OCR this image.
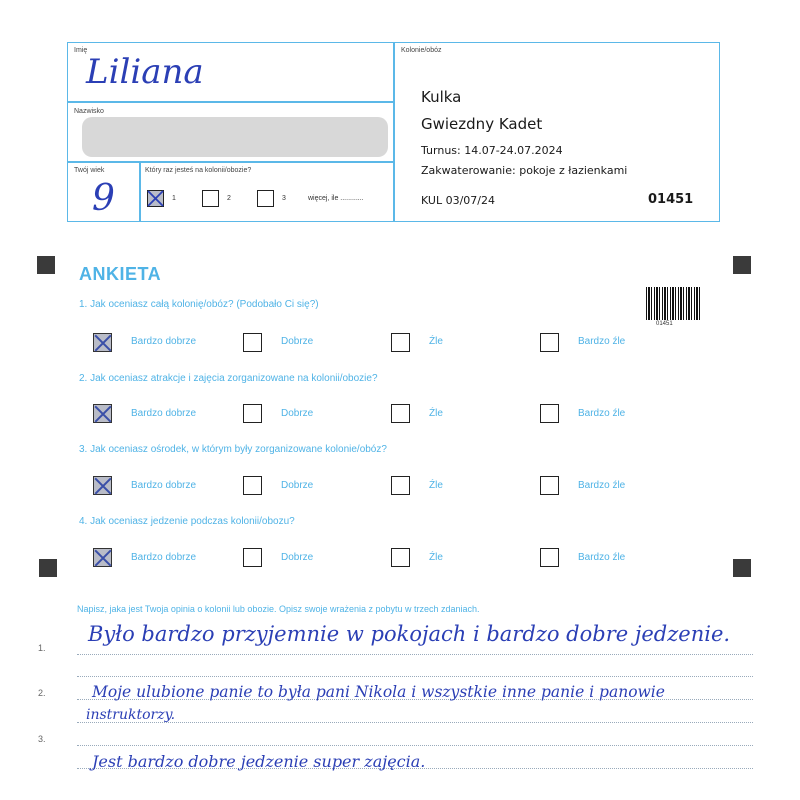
Imię
Liliana
Nazwisko
Twój wiek
9
Który raz jesteś na kolonii/obozie?
1	2	3	więcej, ile ............
Kolonie/obóz
Kulka
Gwiezdny Kadet
Turnus: 14.07-24.07.2024
Zakwaterowanie: pokoje z łazienkami
KUL 03/07/24	01451
ANKIETA
01451
1. Jak oceniasz całą kolonię/obóz? (Podobało Ci się?)
Bardzo dobrze	Dobrze	Źle	Bardzo źle
2. Jak oceniasz atrakcje i zajęcia zorganizowane na kolonii/obozie?
Bardzo dobrze	Dobrze	Źle	Bardzo źle
3. Jak oceniasz ośrodek, w którym były zorganizowane kolonie/obóz?
Bardzo dobrze	Dobrze	Źle	Bardzo źle
4. Jak oceniasz jedzenie podczas kolonii/obozu?
Bardzo dobrze	Dobrze	Źle	Bardzo źle
Napisz, jaka jest Twoja opinia o kolonii lub obozie. Opisz swoje wrażenia z pobytu w trzech zdaniach.
1.
2.
3.
Było bardzo przyjemnie w pokojach i bardzo dobre jedzenie.
Moje ulubione panie to była pani Nikola i wszystkie inne panie i panowie
instruktorzy.
Jest bardzo dobre jedzenie super zajęcia.
